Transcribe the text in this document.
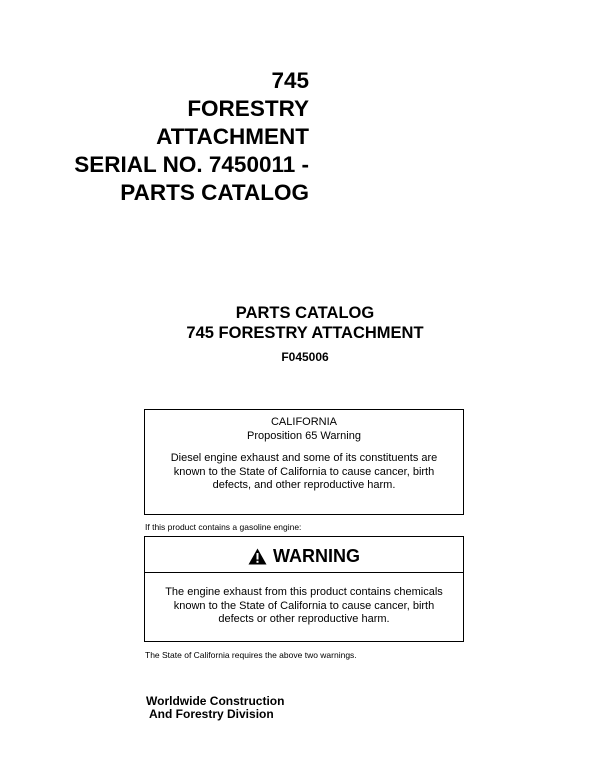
745
FORESTRY
ATTACHMENT
SERIAL NO. 7450011 -
PARTS CATALOG
PARTS CATALOG
745 FORESTRY ATTACHMENT
F045006
CALIFORNIA
Proposition 65 Warning
Diesel engine exhaust and some of its constituents are
known to the State of California to cause cancer, birth
defects, and other reproductive harm.
If this product contains a gasoline engine:
WARNING
The engine exhaust from this product contains chemicals
known to the State of California to cause cancer, birth
defects or other reproductive harm.
The State of California requires the above two warnings.
Worldwide Construction
And Forestry Division
